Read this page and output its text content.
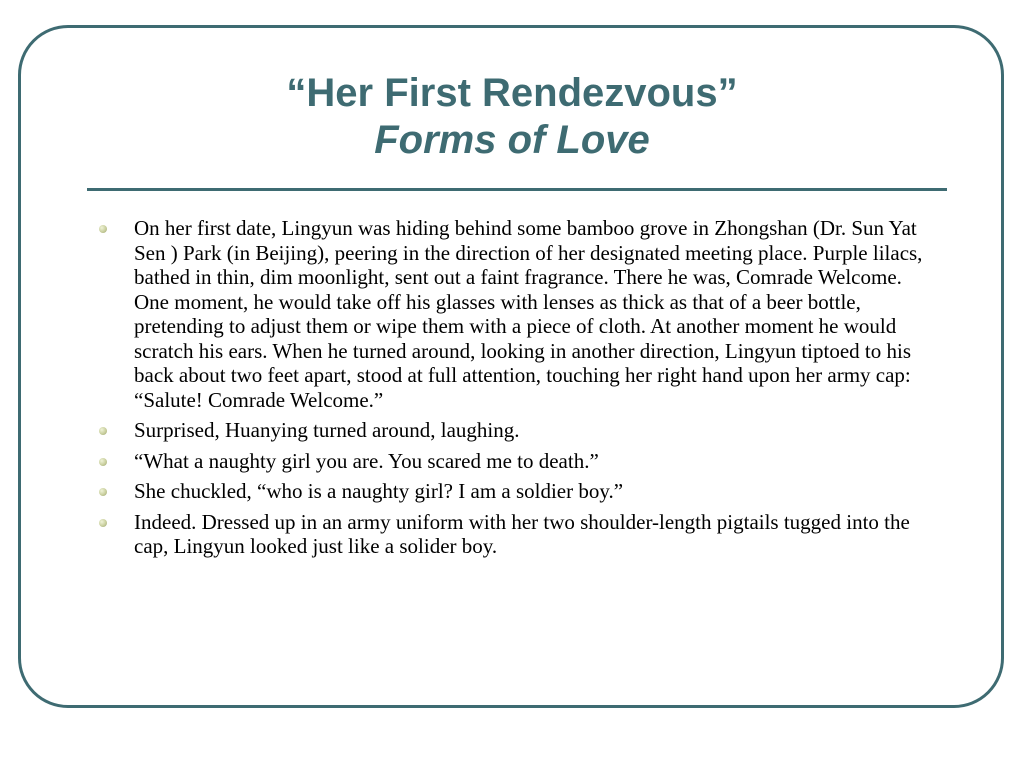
“Her First Rendezvous”
Forms of Love
On her first date, Lingyun was hiding behind some bamboo grove in Zhongshan (Dr. Sun Yat Sen ) Park (in Beijing), peering in the direction of her designated meeting place. Purple lilacs, bathed in thin, dim moonlight, sent out a faint fragrance. There he was, Comrade Welcome. One moment, he would take off his glasses with lenses as thick as that of a beer bottle, pretending to adjust them or wipe them with a piece of cloth. At another moment he would scratch his ears. When he turned around, looking in another direction, Lingyun tiptoed to his back about two feet apart, stood at full attention, touching her right hand upon her army cap: “Salute! Comrade Welcome.”
Surprised, Huanying turned around, laughing.
“What a naughty girl you are. You scared me to death.”
She chuckled, “who is a naughty girl? I am a soldier boy.”
Indeed. Dressed up in an army uniform with her two shoulder-length pigtails tugged into the cap, Lingyun looked just like a solider boy.
